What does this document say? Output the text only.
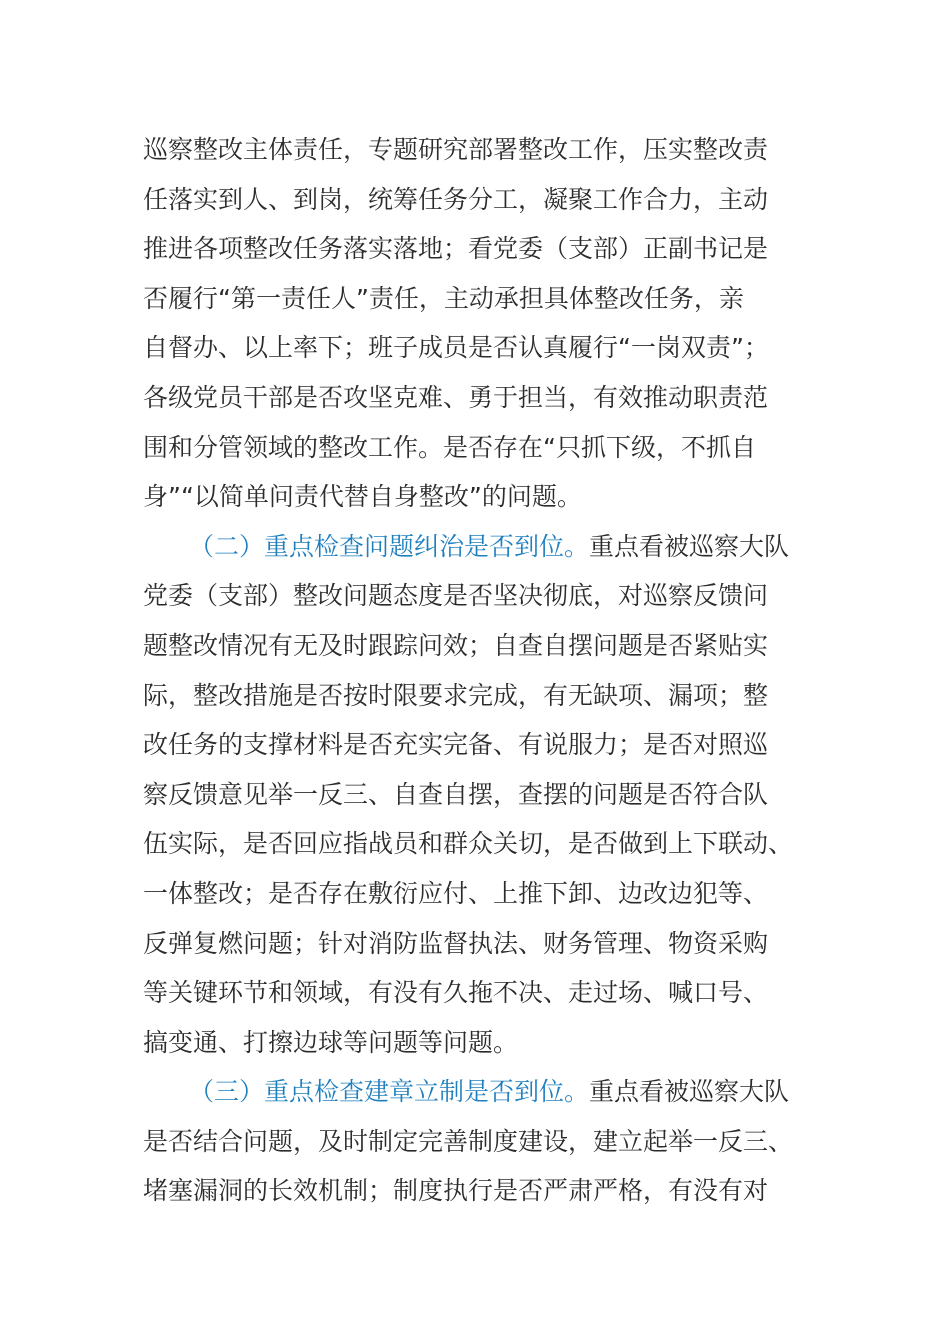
巡察整改主体责任，专题研究部署整改工作，压实整改责
任落实到人、到岗，统筹任务分工，凝聚工作合力，主动
推进各项整改任务落实落地；看党委（支部）正副书记是
否履行“第一责任人”责任，主动承担具体整改任务，亲
自督办、以上率下；班子成员是否认真履行“一岗双责”；
各级党员干部是否攻坚克难、勇于担当，有效推动职责范
围和分管领域的整改工作。是否存在“只抓下级，不抓自
身”“以简单问责代替自身整改”的问题。
（二）重点检查问题纠治是否到位。重点看被巡察大队
党委（支部）整改问题态度是否坚决彻底，对巡察反馈问
题整改情况有无及时跟踪问效；自查自摆问题是否紧贴实
际，整改措施是否按时限要求完成，有无缺项、漏项；整
改任务的支撑材料是否充实完备、有说服力；是否对照巡
察反馈意见举一反三、自查自摆，查摆的问题是否符合队
伍实际，是否回应指战员和群众关切，是否做到上下联动、
一体整改；是否存在敷衍应付、上推下卸、边改边犯等、
反弹复燃问题；针对消防监督执法、财务管理、物资采购
等关键环节和领域，有没有久拖不决、走过场、喊口号、
搞变通、打擦边球等问题等问题。
（三）重点检查建章立制是否到位。重点看被巡察大队
是否结合问题，及时制定完善制度建设，建立起举一反三、
堵塞漏洞的长效机制；制度执行是否严肃严格，有没有对
